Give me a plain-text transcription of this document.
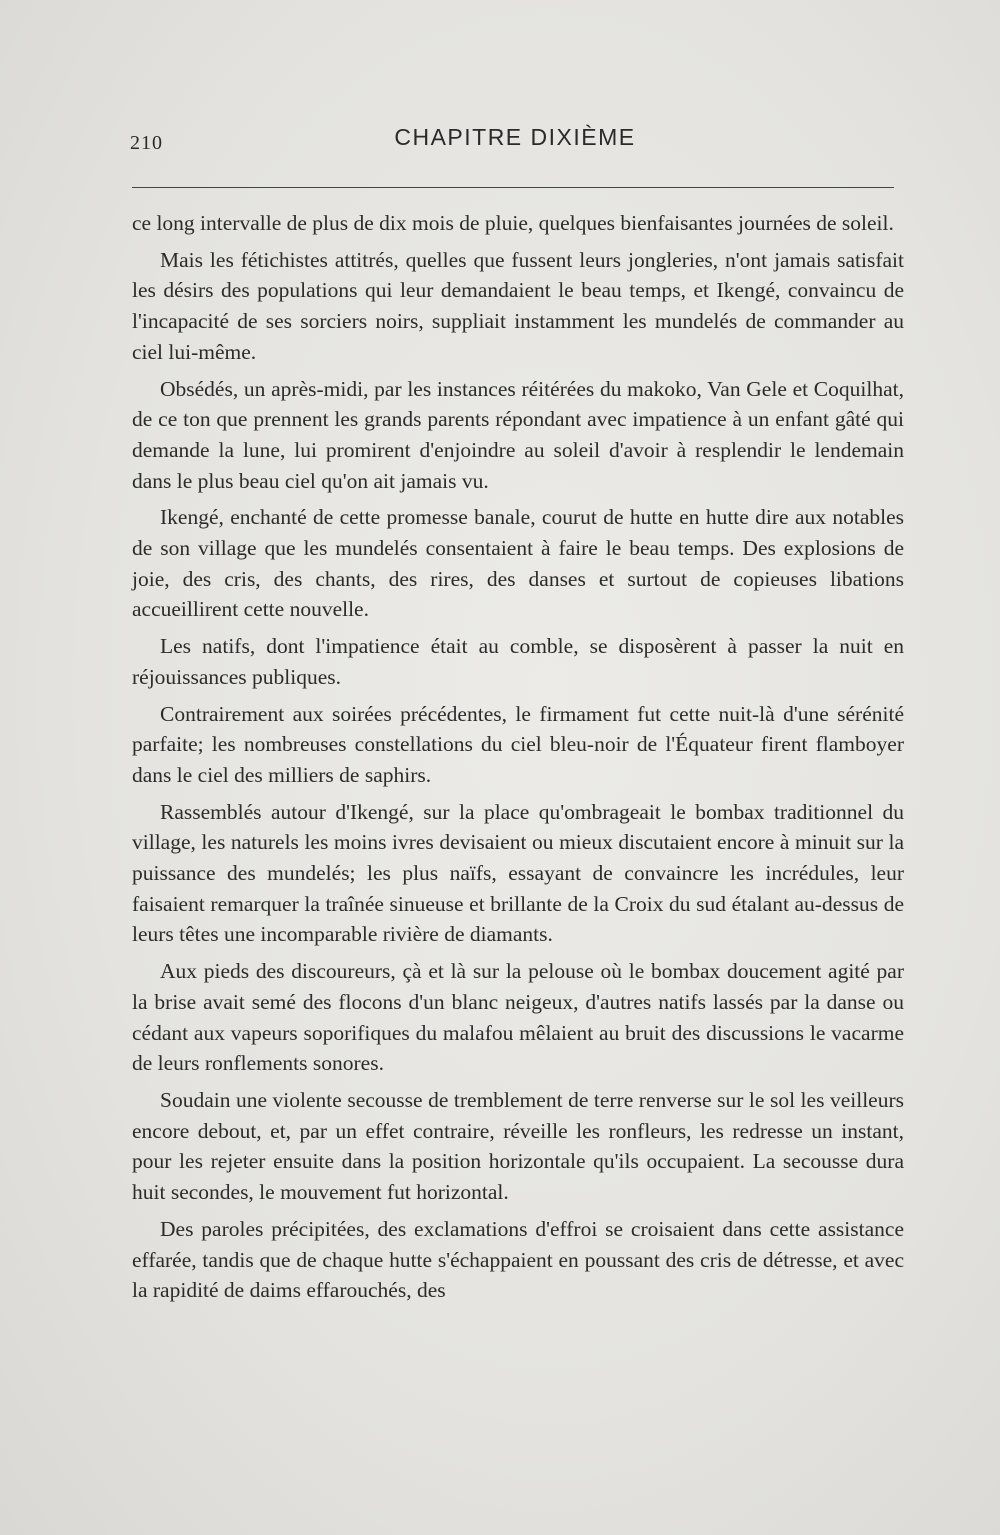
210	CHAPITRE DIXIÈME

ce long intervalle de plus de dix mois de pluie, quelques bienfaisantes journées de soleil.

Mais les fétichistes attitrés, quelles que fussent leurs jongleries, n'ont jamais satisfait les désirs des populations qui leur demandaient le beau temps, et Ikengé, convaincu de l'incapacité de ses sorciers noirs, suppliait instamment les mundelés de commander au ciel lui-même.

Obsédés, un après-midi, par les instances réitérées du makoko, Van Gele et Coquilhat, de ce ton que prennent les grands parents répondant avec impatience à un enfant gâté qui demande la lune, lui promirent d'enjoindre au soleil d'avoir à resplendir le lendemain dans le plus beau ciel qu'on ait jamais vu.

Ikengé, enchanté de cette promesse banale, courut de hutte en hutte dire aux notables de son village que les mundelés consentaient à faire le beau temps. Des explosions de joie, des cris, des chants, des rires, des danses et surtout de copieuses libations accueillirent cette nouvelle.

Les natifs, dont l'impatience était au comble, se disposèrent à passer la nuit en réjouissances publiques.

Contrairement aux soirées précédentes, le firmament fut cette nuit-là d'une sérénité parfaite; les nombreuses constellations du ciel bleu-noir de l'Équateur firent flamboyer dans le ciel des milliers de saphirs.

Rassemblés autour d'Ikengé, sur la place qu'ombrageait le bombax traditionnel du village, les naturels les moins ivres devisaient ou mieux discutaient encore à minuit sur la puissance des mundelés; les plus naïfs, essayant de convaincre les incrédules, leur faisaient remarquer la traînée sinueuse et brillante de la Croix du sud étalant au-dessus de leurs têtes une incomparable rivière de diamants.

Aux pieds des discoureurs, çà et là sur la pelouse où le bombax doucement agité par la brise avait semé des flocons d'un blanc neigeux, d'autres natifs lassés par la danse ou cédant aux vapeurs soporifiques du malafou mêlaient au bruit des discussions le vacarme de leurs ronflements sonores.

Soudain une violente secousse de tremblement de terre renverse sur le sol les veilleurs encore debout, et, par un effet contraire, réveille les ronfleurs, les redresse un instant, pour les rejeter ensuite dans la position horizontale qu'ils occupaient. La secousse dura huit secondes, le mouvement fut horizontal.

Des paroles précipitées, des exclamations d'effroi se croisaient dans cette assistance effarée, tandis que de chaque hutte s'échappaient en poussant des cris de détresse, et avec la rapidité de daims effarouchés, des
